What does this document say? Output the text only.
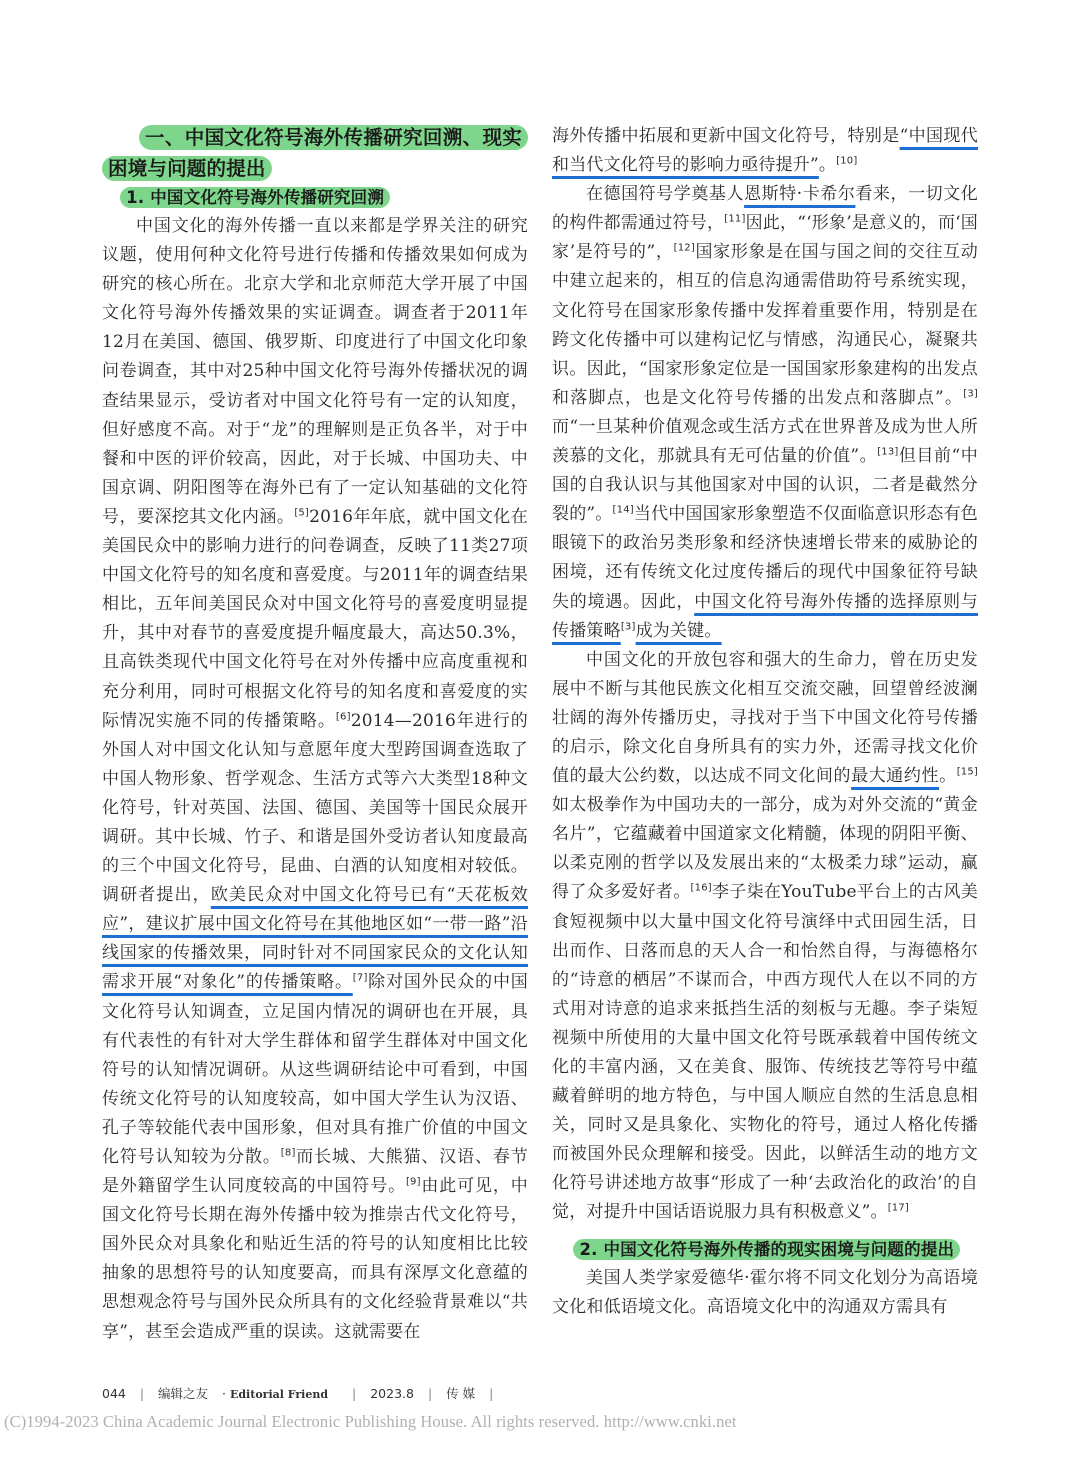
一、中国文化符号海外传播研究回溯、现实困境与问题的提出

1. 中国文化符号海外传播研究回溯

中国文化的海外传播一直以来都是学界关注的研究议题，使用何种文化符号进行传播和传播效果如何成为研究的核心所在。北京大学和北京师范大学开展了中国文化符号海外传播效果的实证调查。调查者于2011年12月在美国、德国、俄罗斯、印度进行了中国文化印象问卷调查，其中对25种中国文化符号海外传播状况的调查结果显示，受访者对中国文化符号有一定的认知度，但好感度不高。对于“龙”的理解则是正负各半，对于中餐和中医的评价较高，因此，对于长城、中国功夫、中国京调、阴阳图等在海外已有了一定认知基础的文化符号，要深挖其文化内涵。[5]2016年年底，就中国文化在美国民众中的影响力进行的问卷调查，反映了11类27项中国文化符号的知名度和喜爱度。与2011年的调查结果相比，五年间美国民众对中国文化符号的喜爱度明显提升，其中对春节的喜爱度提升幅度最大，高达50.3%，且高铁类现代中国文化符号在对外传播中应高度重视和充分利用，同时可根据文化符号的知名度和喜爱度的实际情况实施不同的传播策略。[6]2014—2016年进行的外国人对中国文化认知与意愿年度大型跨国调查选取了中国人物形象、哲学观念、生活方式等六大类型18种文化符号，针对英国、法国、德国、美国等十国民众展开调研。其中长城、竹子、和谐是国外受访者认知度最高的三个中国文化符号，昆曲、白酒的认知度相对较低。调研者提出，欧美民众对中国文化符号已有“天花板效应”，建议扩展中国文化符号在其他地区如“一带一路”沿线国家的传播效果，同时针对不同国家民众的文化认知需求开展“对象化”的传播策略。[7]除对国外民众的中国文化符号认知调查，立足国内情况的调研也在开展，具有代表性的有针对大学生群体和留学生群体对中国文化符号的认知情况调研。从这些调研结论中可看到，中国传统文化符号的认知度较高，如中国大学生认为汉语、孔子等较能代表中国形象，但对具有推广价值的中国文化符号认知较为分散。[8]而长城、大熊猫、汉语、春节是外籍留学生认同度较高的中国符号。[9]由此可见，中国文化符号长期在海外传播中较为推崇古代文化符号，国外民众对具象化和贴近生活的符号的认知度相比比较抽象的思想符号的认知度要高，而具有深厚文化意蕴的思想观念符号与国外民众所具有的文化经验背景难以“共享”，甚至会造成严重的误读。这就需要在

海外传播中拓展和更新中国文化符号，特别是“中国现代和当代文化符号的影响力亟待提升”。[10]

在德国符号学奠基人恩斯特·卡希尔看来，一切文化的构件都需通过符号，[11]因此，“‘形象’是意义的，而‘国家’是符号的”，[12]国家形象是在国与国之间的交往互动中建立起来的，相互的信息沟通需借助符号系统实现，文化符号在国家形象传播中发挥着重要作用，特别是在跨文化传播中可以建构记忆与情感，沟通民心，凝聚共识。因此，“国家形象定位是一国国家形象建构的出发点和落脚点，也是文化符号传播的出发点和落脚点”。[3]而“一旦某种价值观念或生活方式在世界普及成为世人所羡慕的文化，那就具有无可估量的价值”。[13]但目前“中国的自我认识与其他国家对中国的认识，二者是截然分裂的”。[14]当代中国国家形象塑造不仅面临意识形态有色眼镜下的政治另类形象和经济快速增长带来的威胁论的困境，还有传统文化过度传播后的现代中国象征符号缺失的境遇。因此，中国文化符号海外传播的选择原则与传播策略[3]成为关键。

中国文化的开放包容和强大的生命力，曾在历史发展中不断与其他民族文化相互交流交融，回望曾经波澜壮阔的海外传播历史，寻找对于当下中国文化符号传播的启示，除文化自身所具有的实力外，还需寻找文化价值的最大公约数，以达成不同文化间的最大通约性。[15]如太极拳作为中国功夫的一部分，成为对外交流的“黄金名片”，它蕴藏着中国道家文化精髓，体现的阴阳平衡、以柔克刚的哲学以及发展出来的“太极柔力球”运动，赢得了众多爱好者。[16]李子柒在YouTube平台上的古风美食短视频中以大量中国文化符号演绎中式田园生活，日出而作、日落而息的天人合一和怡然自得，与海德格尔的“诗意的栖居”不谋而合，中西方现代人在以不同的方式用对诗意的追求来抵挡生活的刻板与无趣。李子柒短视频中所使用的大量中国文化符号既承载着中国传统文化的丰富内涵，又在美食、服饰、传统技艺等符号中蕴藏着鲜明的地方特色，与中国人顺应自然的生活息息相关，同时又是具象化、实物化的符号，通过人格化传播而被国外民众理解和接受。因此，以鲜活生动的地方文化符号讲述地方故事“形成了一种‘去政治化的政治’的自觉，对提升中国话语说服力具有积极意义”。[17]

2. 中国文化符号海外传播的现实困境与问题的提出

美国人类学家爱德华·霍尔将不同文化划分为高语境文化和低语境文化。高语境文化中的沟通双方需具有

044 | 编辑之友 · Editorial Friend | 2023.8 | 传 媒 |
(C)1994-2023 China Academic Journal Electronic Publishing House. All rights reserved. http://www.cnki.net
